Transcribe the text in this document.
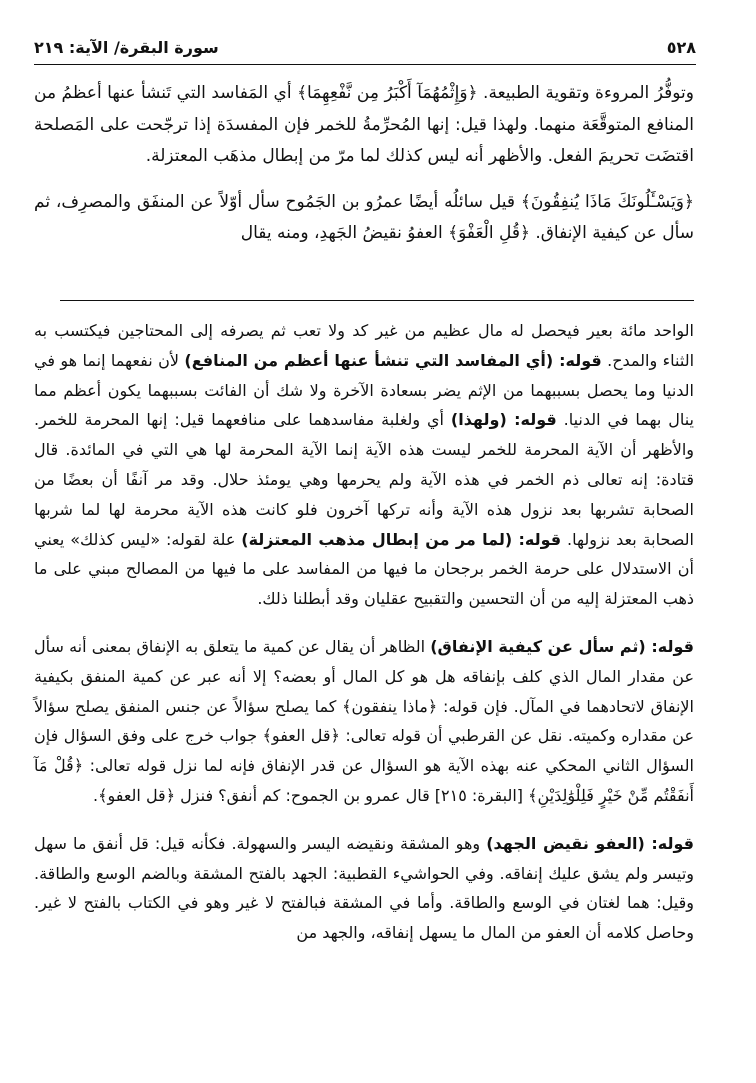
٥٢٨
سورة البقرة/ الآية: ٢١٩

وتوفُّرُ المروءة وتقوية الطبيعة. ﴿وَإِثْمُهُمَآ أَكْبَرُ مِن نَّفْعِهِمَا﴾ أي المَفاسد التي تَنشأ عنها أعظمُ من المنافع المتوقَّعَة منهما. ولهذا قيل: إنها المُحرِّمةُ للخمر فإن المفسدَة إذا ترجّحت على المَصلحة اقتضَت تحريمَ الفعل. والأظهر أنه ليس كذلك لما مرّ من إبطال مذهَب المعتزلة.

﴿وَيَسْـَٔلُونَكَ مَاذَا يُنفِقُونَ﴾ قيل سائلُه أيضًا عمرُو بن الجَمُوح سأل أوّلاً عن المنفَق والمصرِف، ثم سأل عن كيفية الإنفاق. ﴿قُلِ الْعَفْوَ﴾ العفوُ نقيضُ الجَهدِ، ومنه يقال

الواحد مائة بعير فيحصل له مال عظيم من غير كد ولا تعب ثم يصرفه إلى المحتاجين فيكتسب به الثناء والمدح. قوله: (أي المفاسد التي تنشأ عنها أعظم من المنافع) لأن نفعهما إنما هو في الدنيا وما يحصل بسببهما من الإثم يضر بسعادة الآخرة ولا شك أن الفائت بسببهما يكون أعظم مما ينال بهما في الدنيا. قوله: (ولهذا) أي ولغلبة مفاسدهما على منافعهما قيل: إنها المحرمة للخمر. والأظهر أن الآية المحرمة للخمر ليست هذه الآية إنما الآية المحرمة لها هي التي في المائدة. قال قتادة: إنه تعالى ذم الخمر في هذه الآية ولم يحرمها وهي يومئذ حلال. وقد مر آنفًا أن بعضًا من الصحابة تشربها بعد نزول هذه الآية وأنه تركها آخرون فلو كانت هذه الآية محرمة لها لما شربها الصحابة بعد نزولها. قوله: (لما مر من إبطال مذهب المعتزلة) علة لقوله: «ليس كذلك» يعني أن الاستدلال على حرمة الخمر برجحان ما فيها من المفاسد على ما فيها من المصالح مبني على ما ذهب المعتزلة إليه من أن التحسين والتقبيح عقليان وقد أبطلنا ذلك.

قوله: (ثم سأل عن كيفية الإنفاق) الظاهر أن يقال عن كمية ما يتعلق به الإنفاق بمعنى أنه سأل عن مقدار المال الذي كلف بإنفاقه هل هو كل المال أو بعضه؟ إلا أنه عبر عن كمية المنفق بكيفية الإنفاق لاتحادهما في المآل. فإن قوله: ﴿ماذا ينفقون﴾ كما يصلح سؤالاً عن جنس المنفق يصلح سؤالاً عن مقداره وكميته. نقل عن القرطبي أن قوله تعالى: ﴿قل العفو﴾ جواب خرج على وفق السؤال فإن السؤال الثاني المحكي عنه بهذه الآية هو السؤال عن قدر الإنفاق فإنه لما نزل قوله تعالى: ﴿قُلْ مَآ أَنفَقْتُم مِّنْ خَيْرٍ فَلِلْوَٰلِدَيْنِ﴾ [البقرة: ٢١٥] قال عمرو بن الجموح: كم أنفق؟ فنزل ﴿قل العفو﴾.

قوله: (العفو نقيض الجهد) وهو المشقة ونقيضه اليسر والسهولة. فكأنه قيل: قل أنفق ما سهل وتيسر ولم يشق عليك إنفاقه. وفي الحواشيء القطبية: الجهد بالفتح المشقة وبالضم الوسع والطاقة. وقيل: هما لغتان في الوسع والطاقة. وأما في المشقة فبالفتح لا غير وهو في الكتاب بالفتح لا غير. وحاصل كلامه أن العفو من المال ما يسهل إنفاقه، والجهد من
